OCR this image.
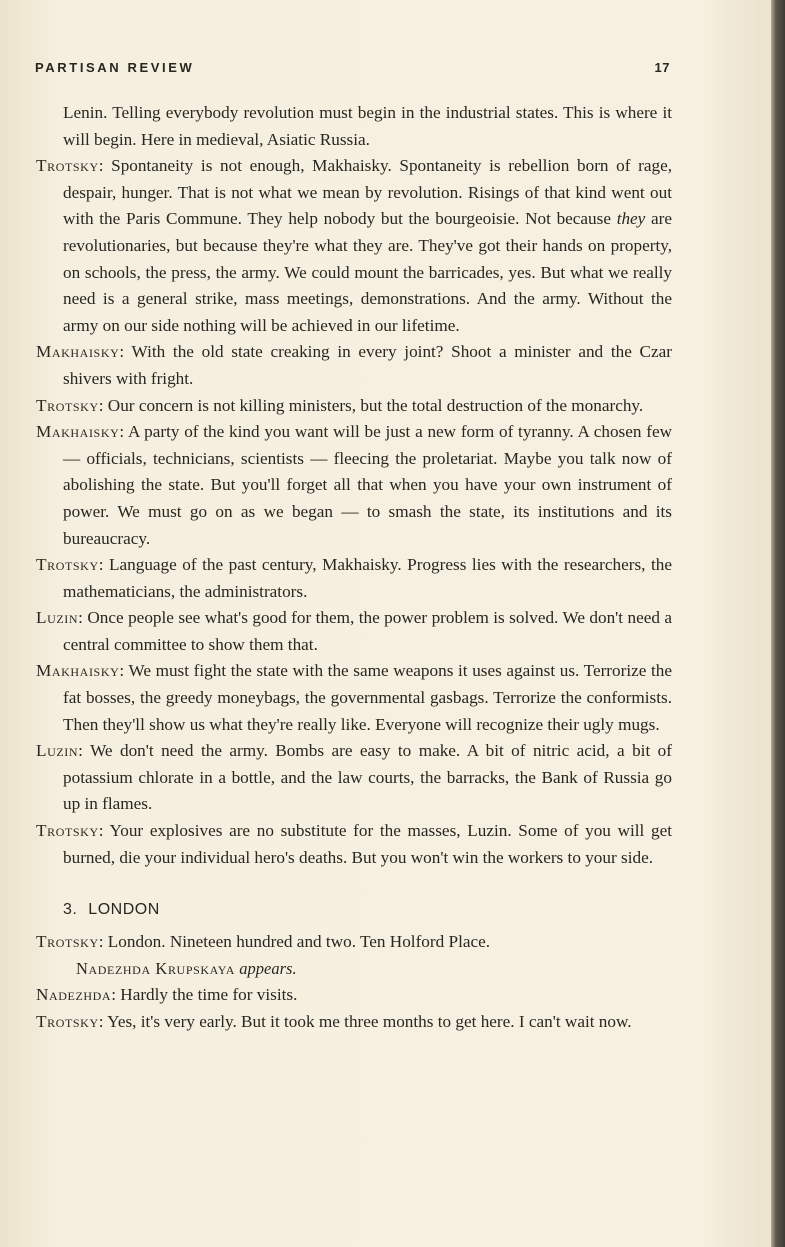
PARTISAN REVIEW	17

Lenin. Telling everybody revolution must begin in the industrial states. This is where it will begin. Here in medieval, Asiatic Russia.

Trotsky: Spontaneity is not enough, Makhaisky. Spontaneity is rebellion born of rage, despair, hunger. That is not what we mean by revolution. Risings of that kind went out with the Paris Commune. They help nobody but the bourgeoisie. Not because they are revolutionaries, but because they're what they are. They've got their hands on property, on schools, the press, the army. We could mount the barricades, yes. But what we really need is a general strike, mass meetings, demonstrations. And the army. Without the army on our side nothing will be achieved in our lifetime.

Makhaisky: With the old state creaking in every joint? Shoot a minister and the Czar shivers with fright.

Trotsky: Our concern is not killing ministers, but the total destruction of the monarchy.

Makhaisky: A party of the kind you want will be just a new form of tyranny. A chosen few — officials, technicians, scientists — fleecing the proletariat. Maybe you talk now of abolishing the state. But you'll forget all that when you have your own instrument of power. We must go on as we began — to smash the state, its institutions and its bureaucracy.

Trotsky: Language of the past century, Makhaisky. Progress lies with the researchers, the mathematicians, the administrators.

Luzin: Once people see what's good for them, the power problem is solved. We don't need a central committee to show them that.

Makhaisky: We must fight the state with the same weapons it uses against us. Terrorize the fat bosses, the greedy moneybags, the governmental gasbags. Terrorize the conformists. Then they'll show us what they're really like. Everyone will recognize their ugly mugs.

Luzin: We don't need the army. Bombs are easy to make. A bit of nitric acid, a bit of potassium chlorate in a bottle, and the law courts, the barracks, the Bank of Russia go up in flames.

Trotsky: Your explosives are no substitute for the masses, Luzin. Some of you will get burned, die your individual hero's deaths. But you won't win the workers to your side.

3. LONDON

Trotsky: London. Nineteen hundred and two. Ten Holford Place.

Nadezhda Krupskaya appears.

Nadezhda: Hardly the time for visits.

Trotsky: Yes, it's very early. But it took me three months to get here. I can't wait now.
